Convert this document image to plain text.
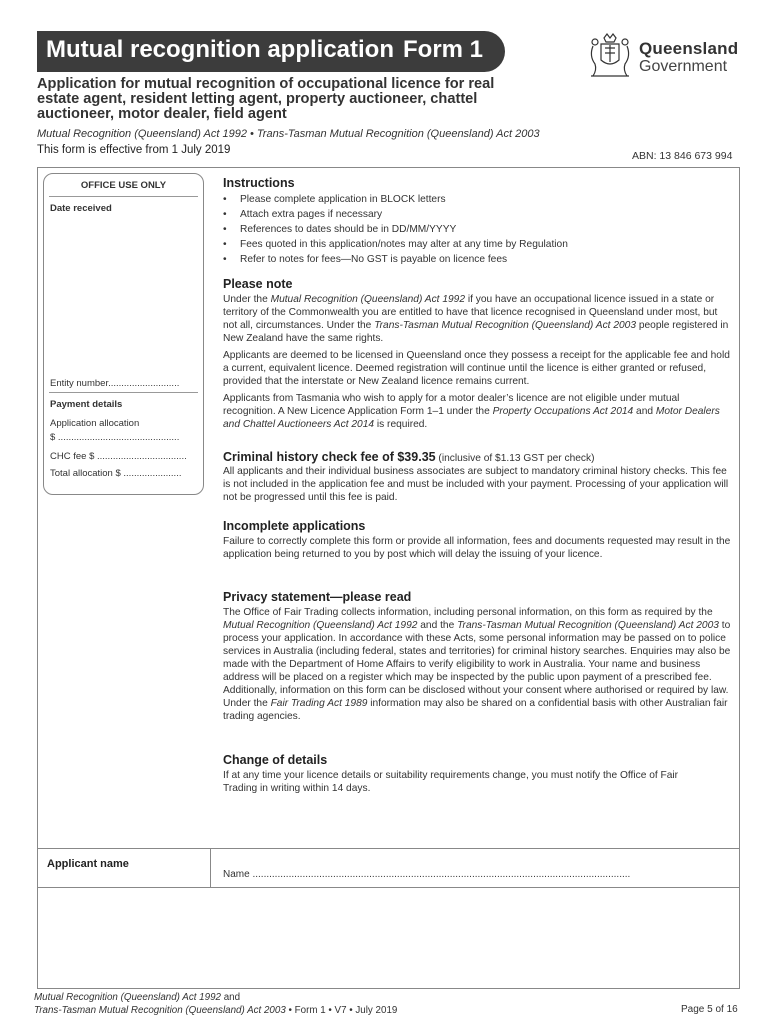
Mutual recognition application Form 1	Queensland
Government
Application for mutual recognition of occupational licence for real estate agent, resident letting agent, property auctioneer, chattel auctioneer, motor dealer, field agent
Mutual Recognition (Queensland) Act 1992 • Trans-Tasman Mutual Recognition (Queensland) Act 2003
This form is effective from 1 July 2019	ABN: 13 846 673 994
OFFICE USE ONLY
Date received
Entity number...........................
Payment details
Application allocation
$ ..............................................
CHC fee $ ..................................
Total allocation $ ......................
Instructions
• Please complete application in BLOCK letters
• Attach extra pages if necessary
• References to dates should be in DD/MM/YYYY
• Fees quoted in this application/notes may alter at any time by Regulation
• Refer to notes for fees—No GST is payable on licence fees
Please note

Under the Mutual Recognition (Queensland) Act 1992 if you have an occupational licence issued in a state or territory of the Commonwealth you are entitled to have that licence recognised in Queensland under most, but not all, circumstances. Under the Trans-Tasman Mutual Recognition (Queensland) Act 2003 people registered in New Zealand have the same rights.

Applicants are deemed to be licensed in Queensland once they possess a receipt for the applicable fee and hold a current, equivalent licence. Deemed registration will continue until the licence is either granted or refused, provided that the interstate or New Zealand licence remains current.

Applicants from Tasmania who wish to apply for a motor dealer’s licence are not eligible under mutual recognition. A New Licence Application Form 1–1 under the Property Occupations Act 2014 and Motor Dealers and Chattel Auctioneers Act 2014 is required.

Criminal history check fee of $39.35 (inclusive of $1.13 GST per check)

All applicants and their individual business associates are subject to mandatory criminal history checks. This fee is not included in the application fee and must be included with your payment. Processing of your application will not be progressed until this fee is paid.

Incomplete applications

Failure to correctly complete this form or provide all information, fees and documents requested may result in the application being returned to you by post which will delay the issuing of your licence.

Privacy statement—please read

The Office of Fair Trading collects information, including personal information, on this form as required by the Mutual Recognition (Queensland) Act 1992 and the Trans-Tasman Mutual Recognition (Queensland) Act 2003 to process your application. In accordance with these Acts, some personal information may be passed on to police services in Australia (including federal, states and territories) for criminal history searches. Enquiries may also be made with the Department of Home Affairs to verify eligibility to work in Australia. Your name and business address will be placed on a register which may be inspected by the public upon payment of a prescribed fee. Additionally, information on this form can be disclosed without your consent where authorised or required by law. Under the Fair Trading Act 1989 information may also be shared on a confidential basis with other Australian fair trading agencies.

Change of details

If at any time your licence details or suitability requirements change, you must notify the Office of Fair Trading in writing within 14 days.

Applicant name
Name ........................................................................................................................................
Mutual Recognition (Queensland) Act 1992 and
Trans-Tasman Mutual Recognition (Queensland) Act 2003 • Form 1 • V7 • July 2019	Page 5 of 16
